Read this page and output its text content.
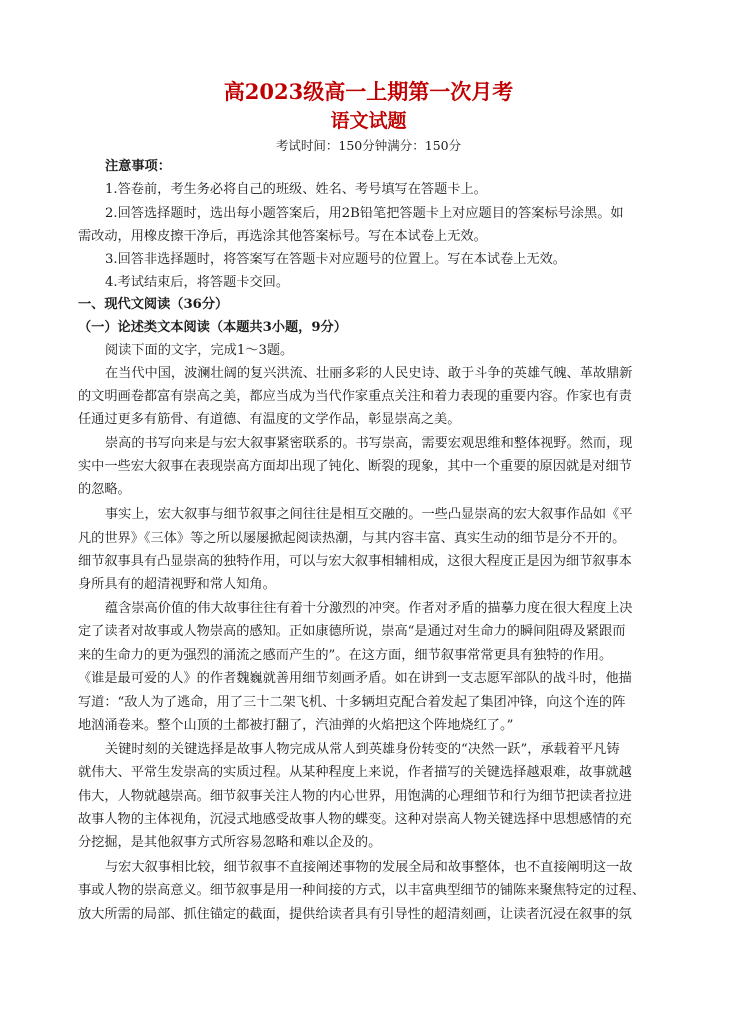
高2023级高一上期第一次月考
语文试题
考试时间：150分钟满分：150分
注意事项：
1.答卷前，考生务必将自己的班级、姓名、考号填写在答题卡上。
2.回答选择题时，选出每小题答案后，用2B铅笔把答题卡上对应题目的答案标号涂黑。如
需改动，用橡皮擦干净后，再选涂其他答案标号。写在本试卷上无效。
3.回答非选择题时，将答案写在答题卡对应题号的位置上。写在本试卷上无效。
4.考试结束后，将答题卡交回。
一、现代文阅读（36分）
（一）论述类文本阅读（本题共3小题，9分）
阅读下面的文字，完成1～3题。
在当代中国，波澜壮阔的复兴洪流、壮丽多彩的人民史诗、敢于斗争的英雄气魄、革故鼎新
的文明画卷都富有崇高之美，都应当成为当代作家重点关注和着力表现的重要内容。作家也有责
任通过更多有筋骨、有道德、有温度的文学作品，彰显崇高之美。
崇高的书写向来是与宏大叙事紧密联系的。书写崇高，需要宏观思维和整体视野。然而，现
实中一些宏大叙事在表现崇高方面却出现了钝化、断裂的现象，其中一个重要的原因就是对细节
的忽略。
事实上，宏大叙事与细节叙事之间往往是相互交融的。一些凸显崇高的宏大叙事作品如《平
凡的世界》《三体》等之所以屡屡掀起阅读热潮，与其内容丰富、真实生动的细节是分不开的。
细节叙事具有凸显崇高的独特作用，可以与宏大叙事相辅相成，这很大程度正是因为细节叙事本
身所具有的超清视野和常人知角。
蕴含崇高价值的伟大故事往往有着十分激烈的冲突。作者对矛盾的描摹力度在很大程度上决
定了读者对故事或人物崇高的感知。正如康德所说，崇高“是通过对生命力的瞬间阻碍及紧跟而
来的生命力的更为强烈的涌流之感而产生的”。在这方面，细节叙事常常更具有独特的作用。
《谁是最可爱的人》的作者魏巍就善用细节刻画矛盾。如在讲到一支志愿军部队的战斗时，他描
写道：“敌人为了逃命，用了三十二架飞机、十多辆坦克配合着发起了集团冲锋，向这个连的阵
地汹涌卷来。整个山顶的土都被打翻了，汽油弹的火焰把这个阵地烧红了。”
关键时刻的关键选择是故事人物完成从常人到英雄身份转变的“决然一跃”，承载着平凡铸
就伟大、平常生发崇高的实质过程。从某种程度上来说，作者描写的关键选择越艰难，故事就越
伟大，人物就越崇高。细节叙事关注人物的内心世界，用饱满的心理细节和行为细节把读者拉进
故事人物的主体视角，沉浸式地感受故事人物的蝶变。这种对崇高人物关键选择中思想感情的充
分挖掘，是其他叙事方式所容易忽略和难以企及的。
与宏大叙事相比较，细节叙事不直接阐述事物的发展全局和故事整体，也不直接阐明这一故
事或人物的崇高意义。细节叙事是用一种间接的方式，以丰富典型细节的铺陈来聚焦特定的过程、
放大所需的局部、抓住锚定的截面，提供给读者具有引导性的超清刻画，让读者沉浸在叙事的氛
